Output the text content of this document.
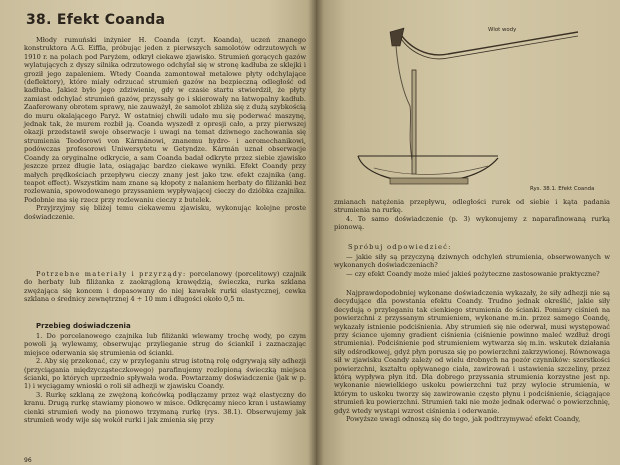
38. Efekt Coanda

Młody rumuński inżynier H. Coanda (czyt. Koanda), uczeń znanego konstruktora A.G. Eiffla, próbując jeden z pierwszych samolotów odrzutowych w 1910 r. na polach pod Paryżem, odkrył ciekawe zjawisko. Strumień gorących gazów wylatujących z dyszy silnika odrzutowego odchylał się w stronę kadłuba ze sklejki i groził jego zapaleniem. Wtedy Coanda zamontował metalowe płyty odchylające (deflektory), które miały odrzucać strumień gazów na bezpieczną odległość od kadłuba. Jakież było jego zdziwienie, gdy w czasie startu stwierdził, że płyty zamiast odchylać strumień gazów, przyssały go i skierowały na łatwopalny kadłub. Zaaferowany obrotem sprawy, nie zauważył, że samolot zbliża się z dużą szybkością do muru okalającego Paryż. W ostatniej chwili udało mu się poderwać maszynę, jednak tak, że murem rozbił ją. Coanda wyszedł z opresji cało, a przy pierwszej okazji przedstawił swoje obserwacje i uwagi na temat dziwnego zachowania się strumienia Teodorowi von Kármánowi, znanemu hydro- i aeromechanikowi, podówczas profesorowi Uniwersytetu w Getyndze. Kármán uznał obserwacje Coandy za oryginalne odkrycie, a sam Coanda badał odkryte przez siebie zjawisko jeszcze przez długie lata, osiągając bardzo ciekawe wyniki. Efekt Coandy przy małych prędkościach przepływu cieczy znany jest jako tzw. efekt czajnika (ang. teapot effect). Wszystkim nam znane są kłopoty z nalaniem herbaty do filiżanki bez rozlewania, spowodowanego przyssaniem wypływającej cieczy do dzióbka czajnika. Podobnie ma się rzecz przy rozlewaniu cieczy z butelek.

Przyjrzyjmy się bliżej temu ciekawemu zjawisku, wykonując kolejne proste doświadczenie.

Potrzebne materiały i przyrządy: porcelanowy (porcelitowy) czajnik do herbaty lub filiżanka z zaokrągloną krawędzią, świeczka, rurka szklana zwężająca się koncem i dopasowany do niej kawałek rurki elastycznej, cewka szklana o średnicy zewnętrznej 4 ÷ 10 mm i długości około 0,5 m.

Przebieg doświadczenia

1. Do porcelanowego czajnika lub filiżanki wlewamy trochę wody, po czym powoli ją wylewamy, obserwując przylieganie strug do ściankiI i zaznaczając miejsce oderwania się strumienia od ścianki.

2. Aby się przekonać, czy w przyleganiu strug istotną rolę odgrywają siły adhezji (przyciągania międzycząsteczkowego) parafinujemy rozlopioną świeczką miejsca ścianki, po których uprzednio spływała woda. Powtarzamy doświadczenie (jak w p. 1) i wyciągamy wnioski o roli sił adhezji w zjawisku Coandy.

3. Rurkę szklaną ze zwężoną końcówką podłączamy przez wąż elastyczny do kranu. Drugą rurkę stawiamy pionowo w misce. Odkręcamy nieco kran i ustawiamy cienki strumień wody na pionowo trzymaną rurkę (rys. 38.1). Obserwujemy jak strumień wody wije się wokół rurki i jak zmienia się przy

96
Wlot wody
Rys. 38.1. Efekt Coanda

zmianach natężenia przepływu, odległości rurek od siebie i kąta padania strumienia na rurkę.

4. To samo doświadczenie (p. 3) wykonujemy z naparafinowaną rurką pionową.

Spróbuj odpowiedzieć:

— jakie siły są przyczyną dziwnych odchyleń strumienia, obserwowanych w wykonanych doświadczeniach?

— czy efekt Coandy może mieć jakieś pożyteczne zastosowanie praktyczne?

Najprawdopodobniej wykonane doświadczenia wykazały, że siły adhezji nie są decydujące dla powstania efektu Coandy. Trudno jednak określić, jakie siły decydują o przyleganiu tak cienkiego strumienia do ścianki. Pomiary ciśnień na powierzchni z przyssanym strumieniem, wykonane m.in. przez samego Coandę, wykazały istnienie podciśnienia. Aby strumień się nie oderwał, musi występować przy ściance ujemny gradient ciśnienia (ciśnienie powinno maleć wzdłuż drogi strumienia). Podciśnienie pod strumieniem wytwarza się m.in. wskutek działania siły odśrodkowej, gdyż płyn porusza się po powierzchni zakrzywionej. Równowaga sił w zjawisku Coandy zależy od wielu drobnych na pozór czynników: szorstkości powierzchni, kształtu opływanego ciała, zawirowań i ustawienia szczeliny, przez którą wypływa płyn itd. Dla dobrego przyssania strumienia korzystne jest np. wykonanie niewielkiego uskoku powierzchni tuż przy wylocie strumienia, w którym to uskoku tworzy się zawirowanie często płynu i podciśnienie, ściągające strumień ku powierzchni. Strumień taki nie może jednak oderwać o powierzchnię, gdyż wtedy wystąpi wzrost ciśnienia i oderwanie.

Powyższe uwagi odnoszą się do tego, jak podtrzymywać efekt Coandy,
